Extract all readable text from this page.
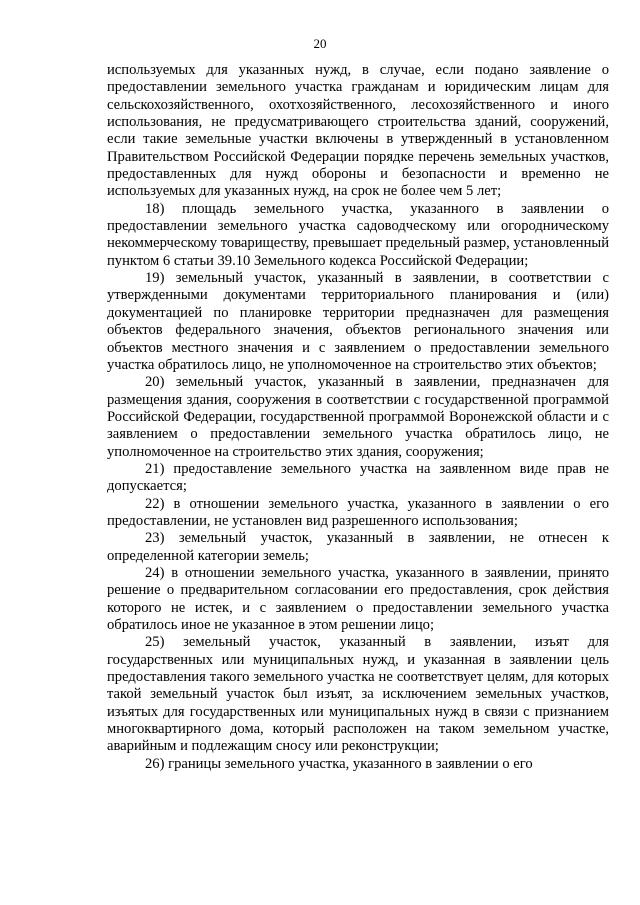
20

используемых для указанных нужд, в случае, если подано заявление о предоставлении земельного участка гражданам и юридическим лицам для сельскохозяйственного, охотхозяйственного, лесохозяйственного и иного использования, не предусматривающего строительства зданий, сооружений, если такие земельные участки включены в утвержденный в установленном Правительством Российской Федерации порядке перечень земельных участков, предоставленных для нужд обороны и безопасности и временно не используемых для указанных нужд, на срок не более чем 5 лет;

18) площадь земельного участка, указанного в заявлении о предоставлении земельного участка садоводческому или огородническому некоммерческому товариществу, превышает предельный размер, установленный пунктом 6 статьи 39.10 Земельного кодекса Российской Федерации;

19) земельный участок, указанный в заявлении, в соответствии с утвержденными документами территориального планирования и (или) документацией по планировке территории предназначен для размещения объектов федерального значения, объектов регионального значения или объектов местного значения и с заявлением о предоставлении земельного участка обратилось лицо, не уполномоченное на строительство этих объектов;

20) земельный участок, указанный в заявлении, предназначен для размещения здания, сооружения в соответствии с государственной программой Российской Федерации, государственной программой Воронежской области и с заявлением о предоставлении земельного участка обратилось лицо, не уполномоченное на строительство этих здания, сооружения;

21) предоставление земельного участка на заявленном виде прав не допускается;

22) в отношении земельного участка, указанного в заявлении о его предоставлении, не установлен вид разрешенного использования;

23) земельный участок, указанный в заявлении, не отнесен к определенной категории земель;

24) в отношении земельного участка, указанного в заявлении, принято решение о предварительном согласовании его предоставления, срок действия которого не истек, и с заявлением о предоставлении земельного участка обратилось иное не указанное в этом решении лицо;

25) земельный участок, указанный в заявлении, изъят для государственных или муниципальных нужд, и указанная в заявлении цель предоставления такого земельного участка не соответствует целям, для которых такой земельный участок был изъят, за исключением земельных участков, изъятых для государственных или муниципальных нужд в связи с признанием многоквартирного дома, который расположен на таком земельном участке, аварийным и подлежащим сносу или реконструкции;

26) границы земельного участка, указанного в заявлении о его
